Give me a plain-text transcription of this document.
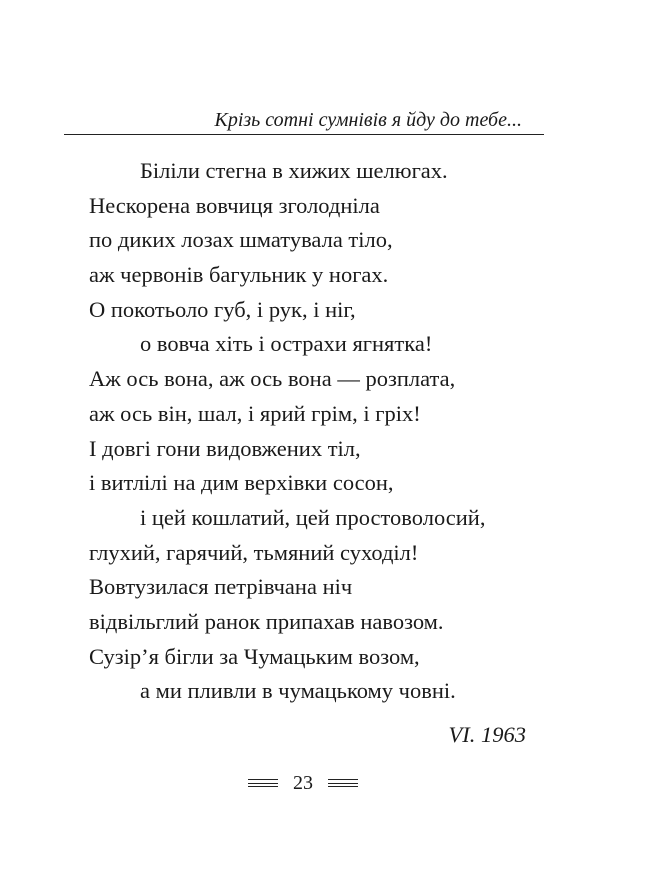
Крізь сотні сумнівів я йду до тебе...
Біліли стегна в хижих шелюгах.
Нескорена вовчиця зголодніла
по диких лозах шматувала тіло,
аж червонів багульник у ногах.
О покотьоло губ, і рук, і ніг,
о вовча хіть і острахи ягнятка!
Аж ось вона, аж ось вона — розплата,
аж ось він, шал, і ярий грім, і гріх!
І довгі гони видовжених тіл,
і витлілі на дим верхівки сосон,
і цей кошлатий, цей простоволосий,
глухий, гарячий, тьмяний суходіл!
Вовтузилася петрівчана ніч
відвільглий ранок припахав навозом.
Сузір’я бігли за Чумацьким возом,
а ми пливли в чумацькому човні.
VI. 1963
23
